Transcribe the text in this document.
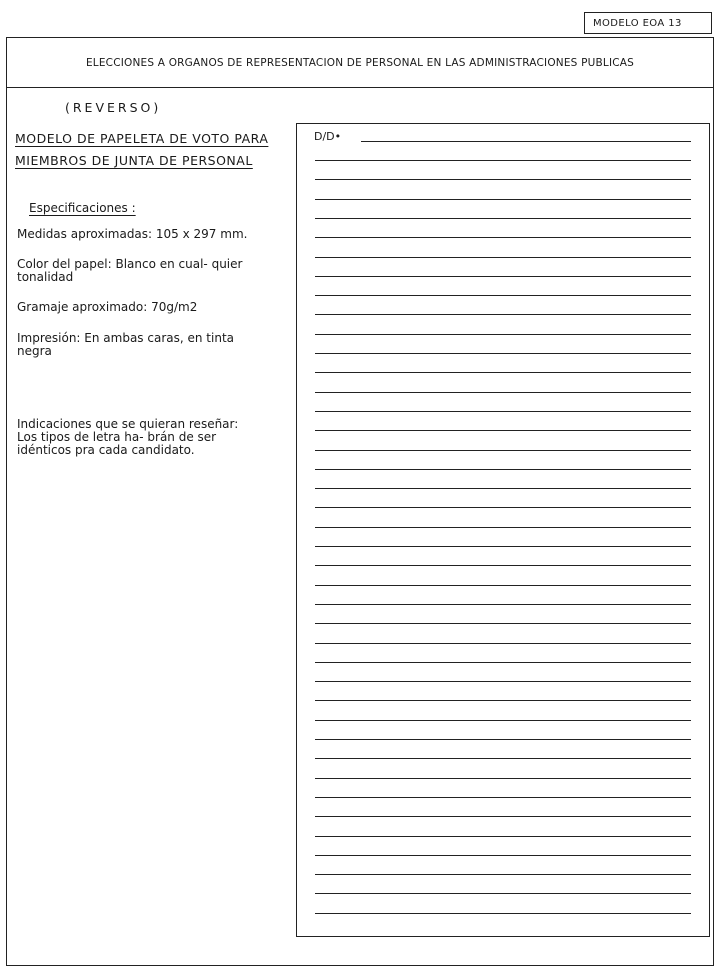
MODELO EOA 13
ELECCIONES A ORGANOS DE REPRESENTACION DE PERSONAL EN LAS ADMINISTRACIONES PUBLICAS
(REVERSO)
MODELO DE PAPELETA DE VOTO PARA
MIEMBROS DE JUNTA DE PERSONAL
Especificaciones :
Medidas aproximadas: 105 x 297 mm.
Color del papel: Blanco en cual- quier tonalidad
Gramaje aproximado: 70g/m2
Impresión: En ambas caras, en tinta negra
Indicaciones que se quieran reseñar: Los tipos de letra ha- brán de ser idénticos pra cada candidato.
D/D•
